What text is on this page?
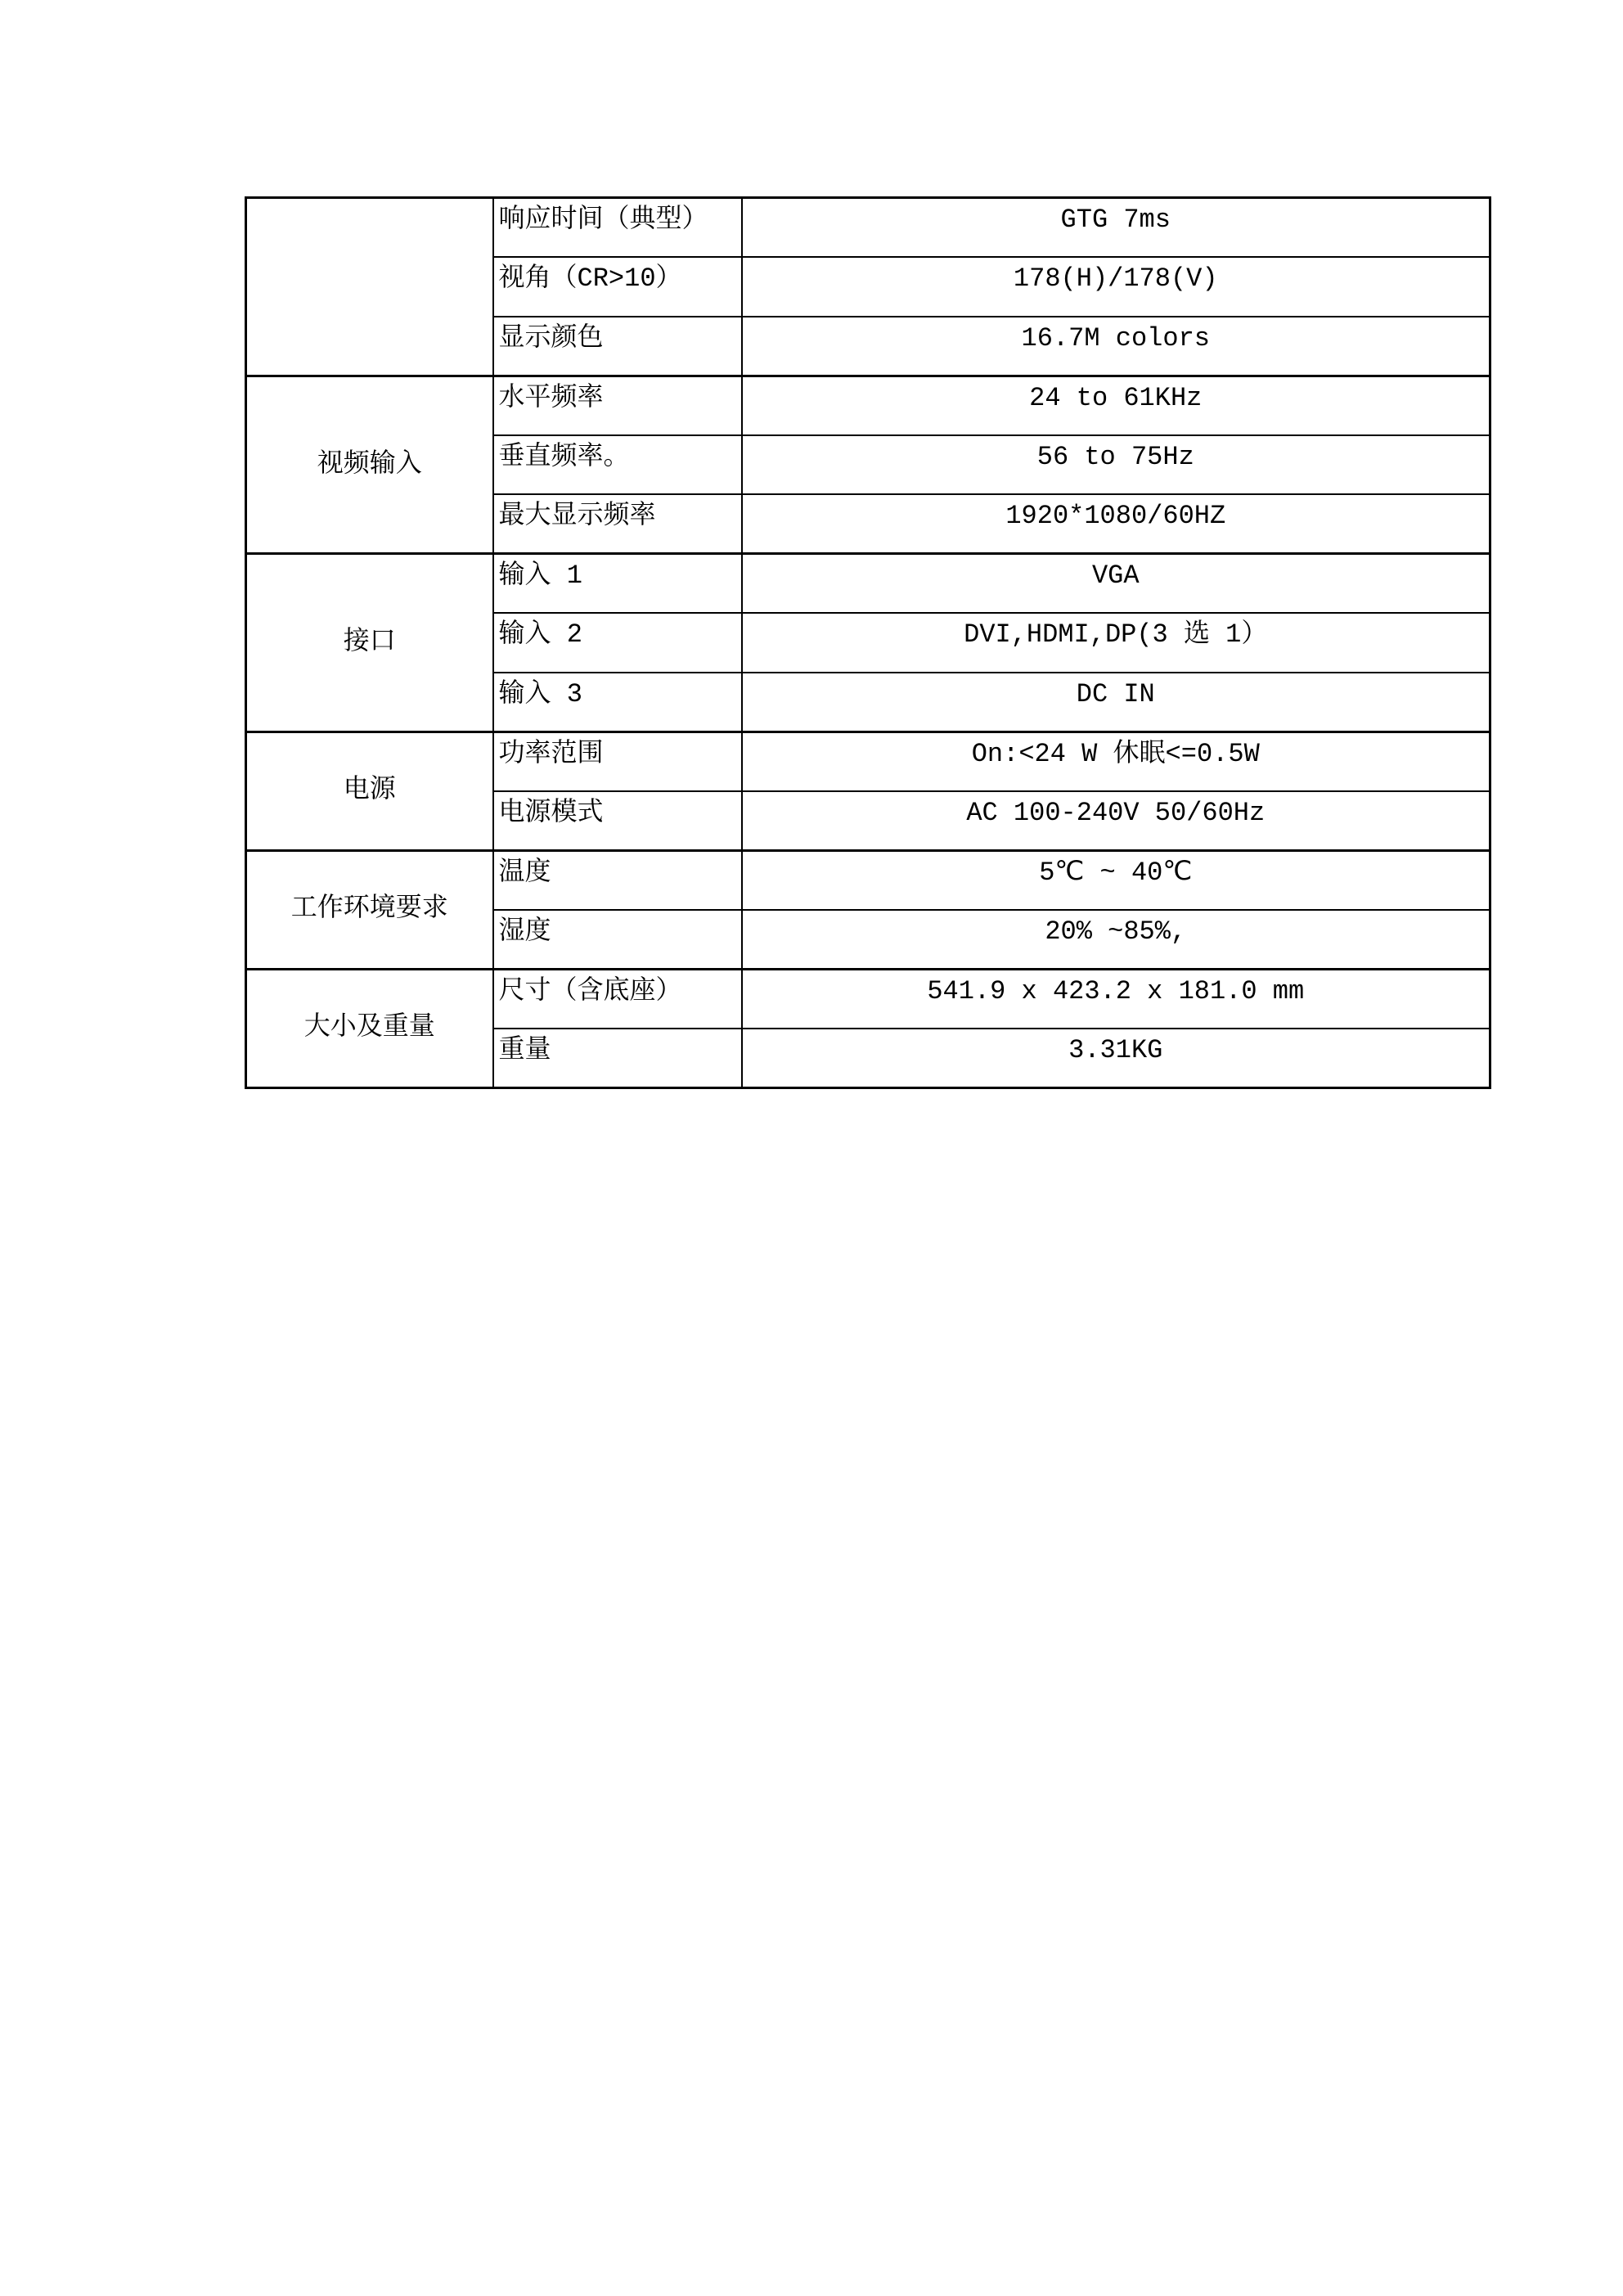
	响应时间（典型）	GTG 7ms
	视角（CR>10）	178(H)/178(V)
	显示颜色	16.7M colors
视频输入	水平频率	24 to 61KHz
	垂直频率。	56 to 75Hz
	最大显示频率	1920*1080/60HZ
接口	输入 1	VGA
	输入 2	DVI,HDMI,DP(3 选 1）
	输入 3	DC IN
电源	功率范围	On:<24 W 休眠<=0.5W
	电源模式	AC 100-240V 50/60Hz
工作环境要求	温度	5℃ ~ 40℃
	湿度	20% ~85%,
大小及重量	尺寸（含底座）	541.9 x 423.2 x 181.0 mm
	重量	3.31KG
